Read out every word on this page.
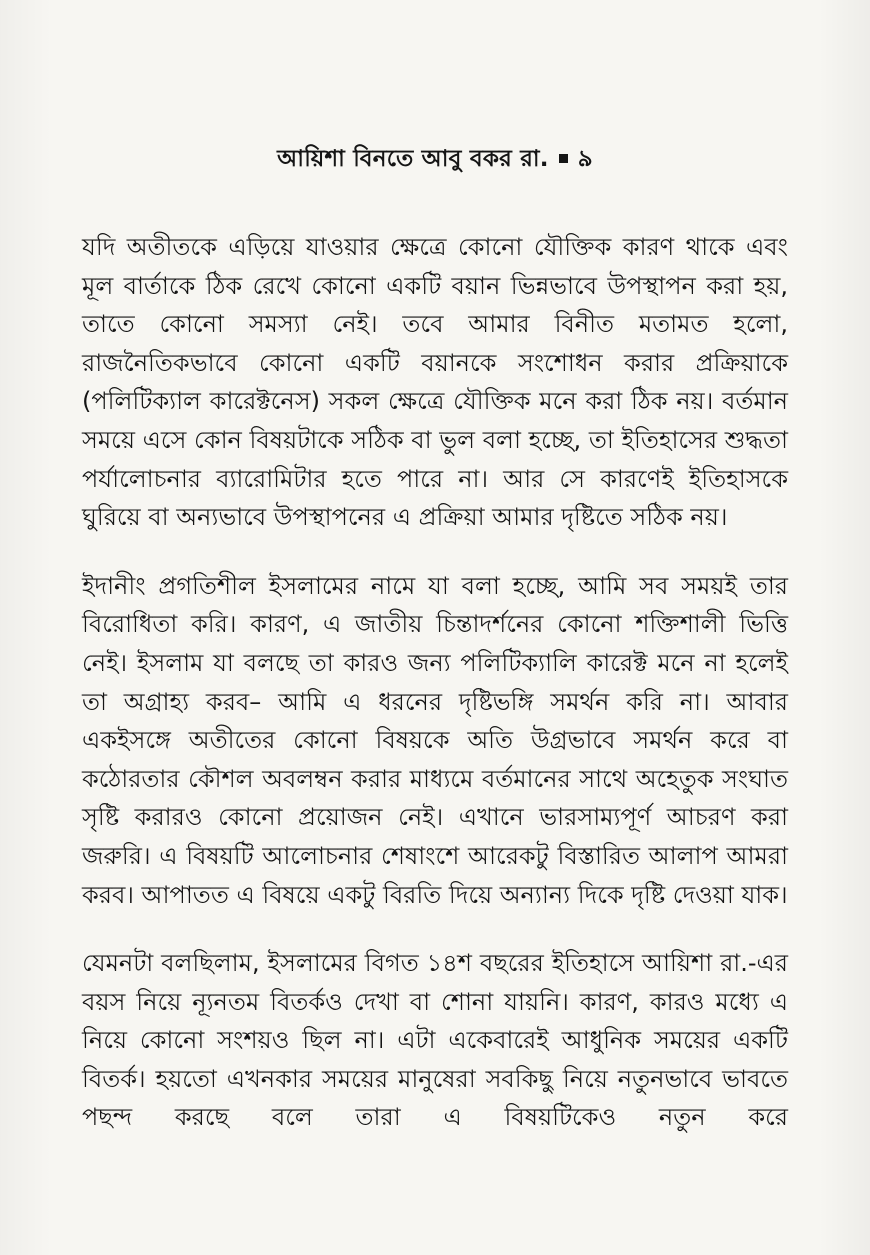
আয়িশা বিনতে আবু বকর রা. ৯

যদি অতীতকে এড়িয়ে যাওয়ার ক্ষেত্রে কোনো যৌক্তিক কারণ থাকে এবং মূল বার্তাকে ঠিক রেখে কোনো একটি বয়ান ভিন্নভাবে উপস্থাপন করা হয়, তাতে কোনো সমস্যা নেই। তবে আমার বিনীত মতামত হলো, রাজনৈতিকভাবে কোনো একটি বয়ানকে সংশোধন করার প্রক্রিয়াকে (পলিটিক্যাল কারেক্টনেস) সকল ক্ষেত্রে যৌক্তিক মনে করা ঠিক নয়। বর্তমান সময়ে এসে কোন বিষয়টাকে সঠিক বা ভুল বলা হচ্ছে, তা ইতিহাসের শুদ্ধতা পর্যালোচনার ব্যারোমিটার হতে পারে না। আর সে কারণেই ইতিহাসকে ঘুরিয়ে বা অন্যভাবে উপস্থাপনের এ প্রক্রিয়া আমার দৃষ্টিতে সঠিক নয়।

ইদানীং প্রগতিশীল ইসলামের নামে যা বলা হচ্ছে, আমি সব সময়ই তার বিরোধিতা করি। কারণ, এ জাতীয় চিন্তাদর্শনের কোনো শক্তিশালী ভিত্তি নেই। ইসলাম যা বলছে তা কারও জন্য পলিটিক্যালি কারেক্ট মনে না হলেই তা অগ্রাহ্য করব– আমি এ ধরনের দৃষ্টিভঙ্গি সমর্থন করি না। আবার একইসঙ্গে অতীতের কোনো বিষয়কে অতি উগ্রভাবে সমর্থন করে বা কঠোরতার কৌশল অবলম্বন করার মাধ্যমে বর্তমানের সাথে অহেতুক সংঘাত সৃষ্টি করারও কোনো প্রয়োজন নেই। এখানে ভারসাম্যপূর্ণ আচরণ করা জরুরি। এ বিষয়টি আলোচনার শেষাংশে আরেকটু বিস্তারিত আলাপ আমরা করব। আপাতত এ বিষয়ে একটু বিরতি দিয়ে অন্যান্য দিকে দৃষ্টি দেওয়া যাক।

যেমনটা বলছিলাম, ইসলামের বিগত ১৪শ বছরের ইতিহাসে আয়িশা রা.-এর বয়স নিয়ে ন্যূনতম বিতর্কও দেখা বা শোনা যায়নি। কারণ, কারও মধ্যে এ নিয়ে কোনো সংশয়ও ছিল না। এটা একেবারেই আধুনিক সময়ের একটি বিতর্ক। হয়তো এখনকার সময়ের মানুষেরা সবকিছু নিয়ে নতুনভাবে ভাবতে পছন্দ করছে বলে তারা এ বিষয়টিকেও নতুন করে
